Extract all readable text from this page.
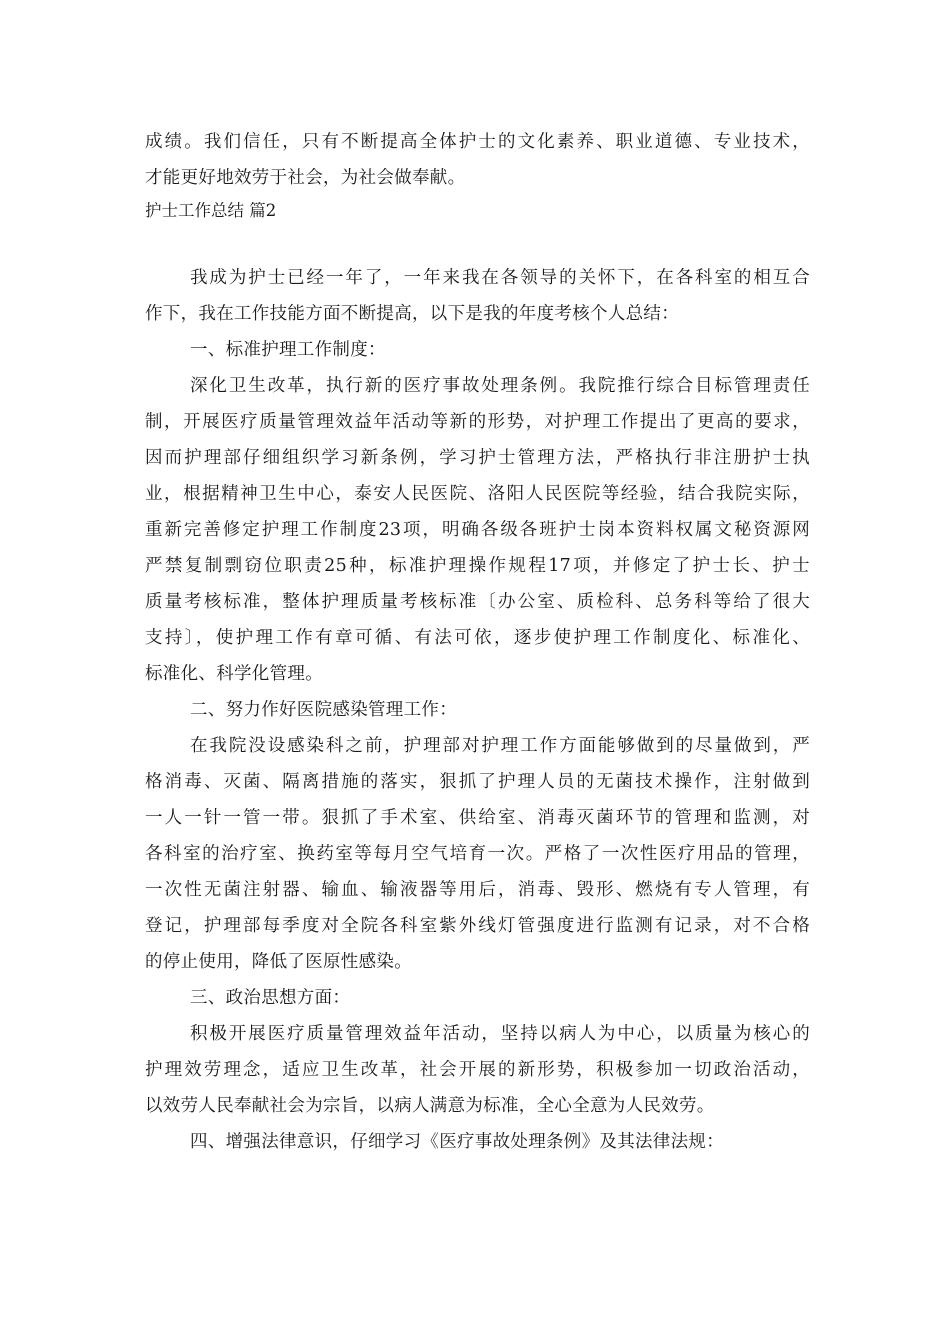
成绩。我们信任，只有不断提高全体护士的文化素养、职业道德、专业技术，
才能更好地效劳于社会，为社会做奉献。
护士工作总结 篇2
我成为护士已经一年了，一年来我在各领导的关怀下，在各科室的相互合
作下，我在工作技能方面不断提高，以下是我的年度考核个人总结：
一、标准护理工作制度：
深化卫生改革，执行新的医疗事故处理条例。我院推行综合目标管理责任
制，开展医疗质量管理效益年活动等新的形势，对护理工作提出了更高的要求，
因而护理部仔细组织学习新条例，学习护士管理方法，严格执行非注册护士执
业，根据精神卫生中心，泰安人民医院、洛阳人民医院等经验，结合我院实际，
重新完善修定护理工作制度23项，明确各级各班护士岗本资料权属文秘资源网
严禁复制剽窃位职责25种，标准护理操作规程17项，并修定了护士长、护士
质量考核标准，整体护理质量考核标准〔办公室、质检科、总务科等给了很大
支持〕，使护理工作有章可循、有法可依，逐步使护理工作制度化、标准化、
标准化、科学化管理。
二、努力作好医院感染管理工作：
在我院没设感染科之前，护理部对护理工作方面能够做到的尽量做到，严
格消毒、灭菌、隔离措施的落实，狠抓了护理人员的无菌技术操作，注射做到
一人一针一管一带。狠抓了手术室、供给室、消毒灭菌环节的管理和监测，对
各科室的治疗室、换药室等每月空气培育一次。严格了一次性医疗用品的管理，
一次性无菌注射器、输血、输液器等用后，消毒、毁形、燃烧有专人管理，有
登记，护理部每季度对全院各科室紫外线灯管强度进行监测有记录，对不合格
的停止使用，降低了医原性感染。
三、政治思想方面：
积极开展医疗质量管理效益年活动，坚持以病人为中心，以质量为核心的
护理效劳理念，适应卫生改革，社会开展的新形势，积极参加一切政治活动，
以效劳人民奉献社会为宗旨，以病人满意为标准，全心全意为人民效劳。
四、增强法律意识，仔细学习《医疗事故处理条例》及其法律法规：
